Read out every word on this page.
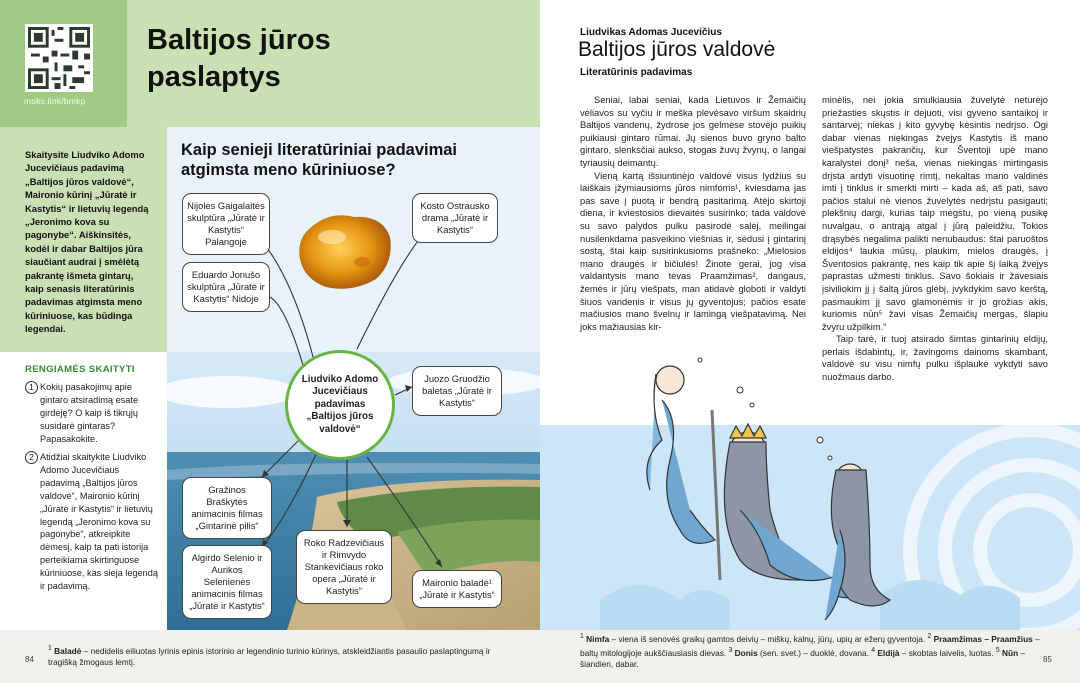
moks.link/bmkp
Baltijos jūros
paslaptys
Skaitysite Liudviko Adomo Jucevičiaus padavimą „Baltijos jūros valdovė“, Maironio kūrinį „Jūratė ir Kastytis“ ir lietuvių legendą „Jeronimo kova su pagonybe“. Aiškinsitės, kodėl ir dabar Baltijos jūra siaučiant audrai į smėlėtą pakrantę išmeta gintarų, kaip senasis literatūrinis padavimas atgimsta meno kūriniuose, kas būdinga legendai.
RENGIAMĖS SKAITYTI
1 Kokių pasakojimų apie gintaro atsiradimą esate girdėję? O kaip iš tikrųjų susidarė gintaras? Papasakokite.
2 Atidžiai skaitykite Liudviko Adomo Jucevičiaus padavimą „Baltijos jūros valdovė“, Maironio kūrinį „Jūratė ir Kastytis“ ir lietuvių legendą „Jeronimo kova su pagonybe“, atkreipkite dėmesį, kaip ta pati istorija perteikiama skirtinguose kūriniuose, kas sieja legendą ir padavimą.
Kaip senieji literatūriniai padavimai atgimsta meno kūriniuose?
Nijolės Gaigalaitės skulptūra „Jūratė ir Kastytis“ Palangoje
Eduardo Jonušo skulptūra „Jūratė ir Kastytis“ Nidoje
Kosto Ostrausko drama „Jūratė ir Kastytis“
Juozo Gruodžio baletas „Jūratė ir Kastytis“
Gražinos Braškytės animacinis filmas „Gintarinė pilis“
Algirdo Selenio ir Aurikos Selenienės animacinis filmas „Jūratė ir Kastytis“
Roko Radzevičiaus ir Rimvydo Stankevičiaus roko opera „Jūratė ir Kastytis“
Maironio baladė¹ „Jūratė ir Kastytis“
Liudviko Adomo Jucevičiaus padavimas „Baltijos jūros valdovė“
$^1$ Baladė – nedidelis eiliuotas lyrinis epinis istorinio ar legendinio turinio kūrinys, atskleidžiantis pasaulio paslaptingumą ir tragišką žmogaus lemtį.
84
Liudvikas Adomas Jucevičius
Baltijos jūros valdovė
Literatūrinis padavimas

Seniai, labai seniai, kada Lietuvos ir Žemaičių vėliavos su vyčiu ir meška plevėsavo viršum skaidrių Baltijos vandenų, žydrose jos gelmėse stovėjo puikių puikiausi gintaro rūmai. Jų sienos buvo gryno balto gintaro, slenksčiai aukso, stogas žuvų žvynų, o langai tyriausių deimantų.

Vieną kartą išsiuntinėjo valdovė visus lydžius su laiškais įžymiausioms jūros nimfoms¹, kviesdama jas pas save į puotą ir bendrą pasitarimą. Atėjo skirtoji diena, ir kviestosios dievaitės susirinko; tada valdovė su savo palydos pulku pasirodė salėj, meilingai nusilenkdama pasveikino viešnias ir, sėdusi į gintarinį sostą, štai kaip susirinkusioms prašneko: „Mielosios mano draugės ir bičiulės! Žinote gerai, jog visa valdantysis mano tėvas Praamžimas², dangaus, žemės ir jūrų viešpats, man atidavė globoti ir valdyti šiuos vandenis ir visus jų gyventojus; pačios esate mačiusios mano švelnų ir lamingą viešpatavimą. Nei joks mažiausias kir-

minėlis, nei jokia smulkiausia žuvelytė neturėjo priežasties skųstis ir dejuoti, visi gyveno santaikoj ir santarvėj; niekas į kito gyvybę kėsintis nedrįso. Ogi dabar vienas niekingas žvejys Kastytis iš mano viešpatystės pakrančių, kur Šventoji upė mano karalystei donį³ neša, vienas niekingas mirtingasis drįsta ardyti visuotinę rimtį, nekaltas mano valdinės imti į tinklus ir smerkti mirti – kada aš, aš pati, savo pačios stalui nė vienos žuvelytės nedrįstu pasigauti; plekšnių dargi, kurias taip mėgstu, po vieną pusikę nuvalgau, o antrąją atgal į jūrą paleidžiu. Tokios drąsybės negalima palikti nenubaudus: štai paruoštos eldijos⁴ laukia mūsų, plaukim, mielos draugės, į Šventosios pakrantę, nes kaip tik apie šį laiką žvejys paprastas užmesti tinklus. Savo šokiais ir žavesiais įsiviliokim jį į šaltą jūros glėbį, įvykdykim savo kerštą, pasmaukim jį savo glamonėmis ir jo grožias akis, kuriomis nūn⁵ žavi visas Žemaičių mergas, šlapiu žvyru užpilkim.“

Taip tarė, ir tuoj atsirado šimtas gintarinių eldijų, perlais išdabintų, ir, žavingoms dainoms skambant, valdovė su visu nimfų pulku išplaukė vykdyti savo nuožmaus darbo.

$^1$ Nimfa – viena iš senovės graikų gamtos deivių – miškų, kalnų, jūrų, upių ar ežerų gyventoja. $^2$ Praamžimas – Praamžius – baltų mitologijoje aukščiausiasis dievas. $^3$ Donis (sen. svet.) – duoklė, dovana. $^4$ Eldijà – skobtas laivelis, luotas. $^5$ Nūn – šiandien, dabar.	85
